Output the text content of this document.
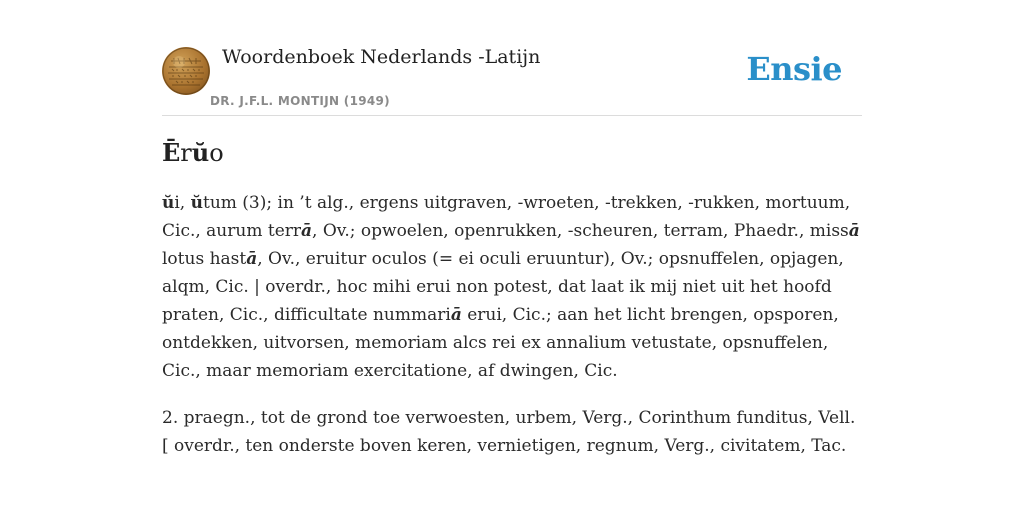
Woordenboek Nederlands -Latijn
DR. J.F.L. MONTIJN (1949)
Ensie
Ērŭo

ŭi, ŭtum (3); in ’t alg., ergens uitgraven, -wroeten, -trekken, -rukken, mortuum, Cic., aurum terrā, Ov.; opwoelen, openrukken, -scheuren, terram, Phaedr., missā lotus hastā, Ov., eruitur oculos (= ei oculi eruuntur), Ov.; opsnuffelen, opjagen, alqm, Cic. | overdr., hoc mihi erui non potest, dat laat ik mij niet uit het hoofd praten, Cic., difficultate nummariā erui, Cic.; aan het licht brengen, opsporen, ontdekken, uitvorsen, memoriam alcs rei ex annalium vetustate, opsnuffelen, Cic., maar memoriam exercitatione, af dwingen, Cic.

2. praegn., tot de grond toe verwoesten, urbem, Verg., Corinthum funditus, Vell. [ overdr., ten onderste boven keren, vernietigen, regnum, Verg., civitatem, Tac.
